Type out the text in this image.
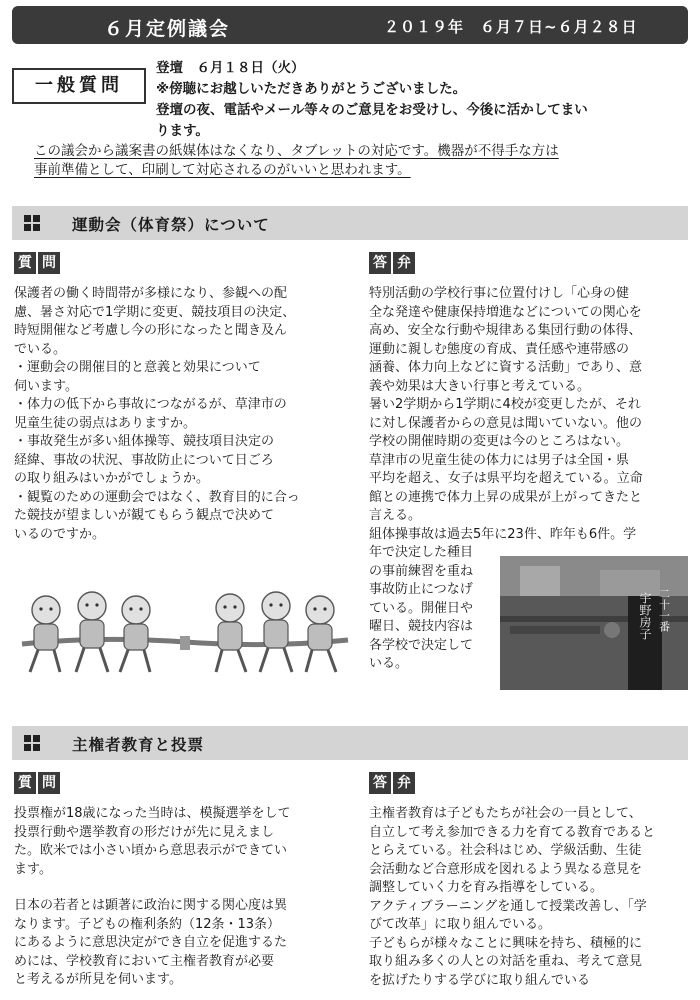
６月定例議会	２０１９年　６月７日~６月２８日
一般質問

登壇　６月１８日（火）

※傍聴にお越しいただきありがとうございました。

登壇の夜、電話やメール等々のご意見をお受けし、今後に活かしてまい

ります。

この議会から議案書の紙媒体はなくなり、タブレットの対応です。機器が不得手な方は

事前準備として、印刷して対応されるのがいいと思われます。

運動会（体育祭）について
質 問	答 弁

保護者の働く時間帯が多様になり、参観への配

慮、暑さ対応で1学期に変更、競技項目の決定、

時短開催など考慮し今の形になったと聞き及ん

でいる。

・運動会の開催目的と意義と効果について

伺います。

・体力の低下から事故につながるが、草津市の

児童生徒の弱点はありますか。

・事故発生が多い組体操等、競技項目決定の

経緯、事故の状況、事故防止について日ごろ

の取り組みはいかがでしょうか。

・観覧のための運動会ではなく、教育目的に合っ

た競技が望ましいが観てもらう観点で決めて

いるのですか。

特別活動の学校行事に位置付けし「心身の健

全な発達や健康保持増進などについての関心を

高め、安全な行動や規律ある集団行動の体得、

運動に親しむ態度の育成、責任感や連帯感の

涵養、体力向上などに資する活動」であり、意

義や効果は大きい行事と考えている。

暑い2学期から1学期に4校が変更したが、それ

に対し保護者からの意見は聞いていない。他の

学校の開催時期の変更は今のところはない。

草津市の児童生徒の体力には男子は全国・県

平均を超え、女子は県平均を超えている。立命

館との連携で体力上昇の成果が上がってきたと

言える。

組体操事故は過去5年に23件、昨年も6件。学

年で決定した種目

の事前練習を重ね

事故防止につなげ

ている。開催日や

曜日、競技内容は

各学校で決定して

いる。

宇野房子 二十一番
主権者教育と投票
質 問	答 弁

投票権が18歳になった当時は、模擬選挙をして

投票行動や選挙教育の形だけが先に見えまし

た。欧米では小さい頃から意思表示ができてい

ます。

日本の若者とは顕著に政治に関する関心度は異

なります。子どもの権利条約（12条・13条）

にあるように意思決定ができ自立を促進するた

めには、学校教育において主権者教育が必要

と考えるが所見を伺います。

主権者教育は子どもたちが社会の一員として、

自立して考え参加できる力を育てる教育であると

とらえている。社会科はじめ、学級活動、生徒

会活動など合意形成を図れるよう異なる意見を

調整していく力を育み指導をしている。

アクティブラーニングを通して授業改善し、「学

びて改革」に取り組んでいる。

子どもらが様々なことに興味を持ち、積極的に

取り組み多くの人との対話を重ね、考えて意見

を拡げたりする学びに取り組んでいる
